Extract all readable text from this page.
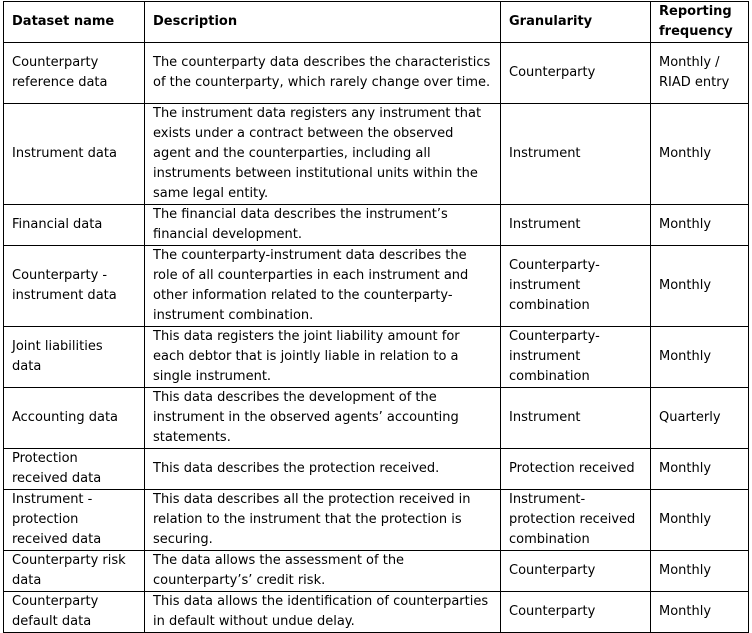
Dataset name	Description	Granularity	Reporting frequency
Counterparty reference data	The counterparty data describes the characteristics of the counterparty, which rarely change over time.	Counterparty	Monthly / RIAD entry
Instrument data	The instrument data registers any instrument that exists under a contract between the observed agent and the counterparties, including all instruments between institutional units within the same legal entity.	Instrument	Monthly
Financial data	The financial data describes the instrument’s financial development.	Instrument	Monthly
Counterparty - instrument data	The counterparty-instrument data describes the role of all counterparties in each instrument and other information related to the counterparty-instrument combination.	Counterparty-instrument combination	Monthly
Joint liabilities data	This data registers the joint liability amount for each debtor that is jointly liable in relation to a single instrument.	Counterparty-instrument combination	Monthly
Accounting data	This data describes the development of the instrument in the observed agents’ accounting statements.	Instrument	Quarterly
Protection received data	This data describes the protection received.	Protection received	Monthly
Instrument - protection received data	This data describes all the protection received in relation to the instrument that the protection is securing.	Instrument-protection received combination	Monthly
Counterparty risk data	The data allows the assessment of the counterparty’s’ credit risk.	Counterparty	Monthly
Counterparty default data	This data allows the identification of counterparties in default without undue delay.	Counterparty	Monthly
